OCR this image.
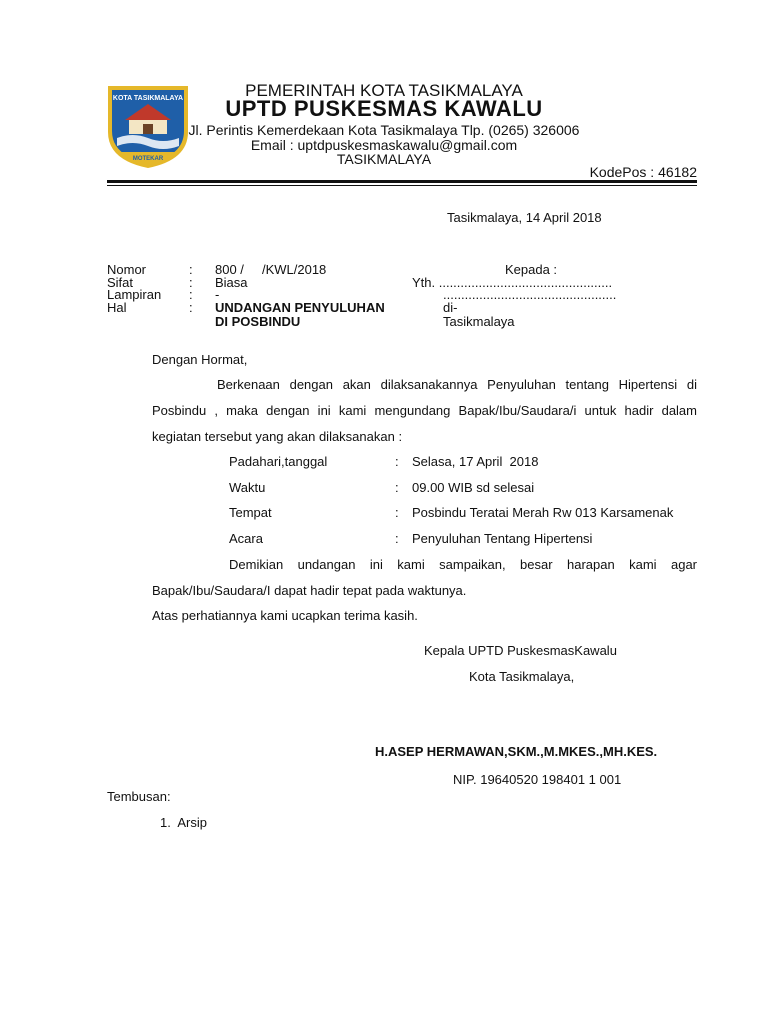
KOTA TASIKMALAYA
MOTEKAR
PEMERINTAH KOTA TASIKMALAYA
UPTD PUSKESMAS KAWALU
Jl. Perintis Kemerdekaan Kota Tasikmalaya Tlp. (0265) 326006
Email : uptdpuskesmaskawalu@gmail.com
TASIKMALAYA
KodePos : 46182
Tasikmalaya, 14 April 2018
Nomor	: 800 /     /KWL/2018
Sifat	: Biasa
Lampiran : -
Hal	: UNDANGAN PENYULUHAN
DI POSBINDU
Kepada :
Yth. ................................................
................................................
di-
Tasikmalaya
Dengan Hormat,
Berkenaan dengan akan dilaksanakannya Penyuluhan tentang Hipertensi di
Posbindu , maka dengan ini kami mengundang Bapak/Ibu/Saudara/i untuk hadir dalam
kegiatan tersebut yang akan dilaksanakan :
Padahari,tanggal	: Selasa, 17 April  2018
Waktu	: 09.00 WIB sd selesai
Tempat	: Posbindu Teratai Merah Rw 013 Karsamenak
Acara	: Penyuluhan Tentang Hipertensi
Demikian undangan ini kami sampaikan, besar harapan kami agar
Bapak/Ibu/Saudara/I dapat hadir tepat pada waktunya.
Atas perhatiannya kami ucapkan terima kasih.
Kepala UPTD PuskesmasKawalu
Kota Tasikmalaya,
H.ASEP HERMAWAN,SKM.,M.MKES.,MH.KES.
NIP. 19640520 198401 1 001
Tembusan:
1.  Arsip
